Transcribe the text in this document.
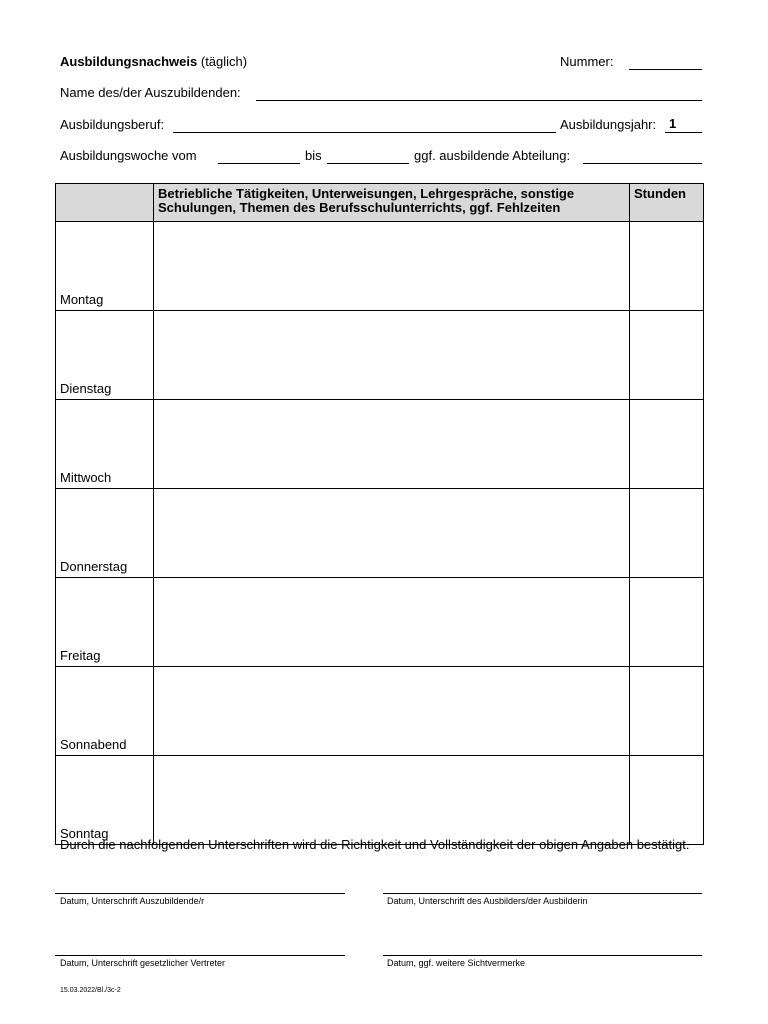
Ausbildungsnachweis (täglich)	Nummer:
Name des/der Auszubildenden:
Ausbildungsberuf:	Ausbildungsjahr: 1
Ausbildungswoche vom	bis	ggf. ausbildende Abteilung:
	Betriebliche Tätigkeiten, Unterweisungen, Lehrgespräche, sonstige Schulungen, Themen des Berufsschulunterrichts, ggf. Fehlzeiten	Stunden
Montag		
Dienstag		
Mittwoch		
Donnerstag		
Freitag		
Sonnabend		
Sonntag		
Durch die nachfolgenden Unterschriften wird die Richtigkeit und Vollständigkeit der obigen Angaben bestätigt.
Datum, Unterschrift Auszubildende/r	Datum, Unterschrift des Ausbilders/der Ausbilderin
Datum, Unterschrift gesetzlicher Vertreter	Datum, ggf. weitere Sichtvermerke
15.03.2022/Bl./3c-2
